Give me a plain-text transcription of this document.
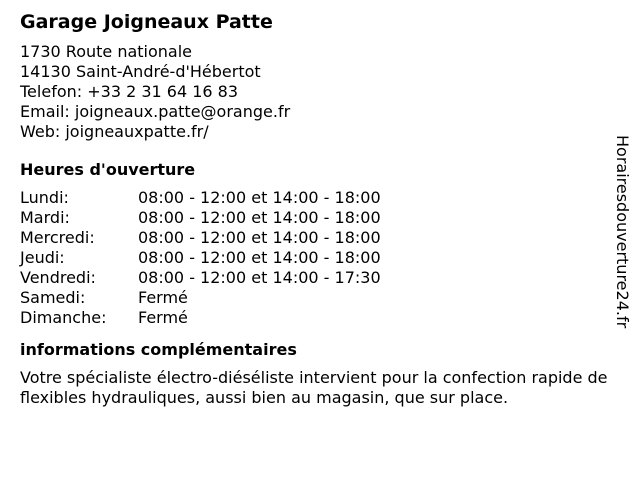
Garage Joigneaux Patte
1730 Route nationale
14130 Saint-André-d'Hébertot
Telefon: +33 2 31 64 16 83
Email: joigneaux.patte@orange.fr
Web: joigneauxpatte.fr/
Heures d'ouverture
Lundi:	08:00 - 12:00 et 14:00 - 18:00
Mardi:	08:00 - 12:00 et 14:00 - 18:00
Mercredi:	08:00 - 12:00 et 14:00 - 18:00
Jeudi:	08:00 - 12:00 et 14:00 - 18:00
Vendredi:	08:00 - 12:00 et 14:00 - 17:30
Samedi:	Fermé
Dimanche:	Fermé
informations complémentaires
Votre spécialiste électro-diéséliste intervient pour la confection rapide de flexibles hydrauliques, aussi bien au magasin, que sur place.
Horairesdouverture24.fr
